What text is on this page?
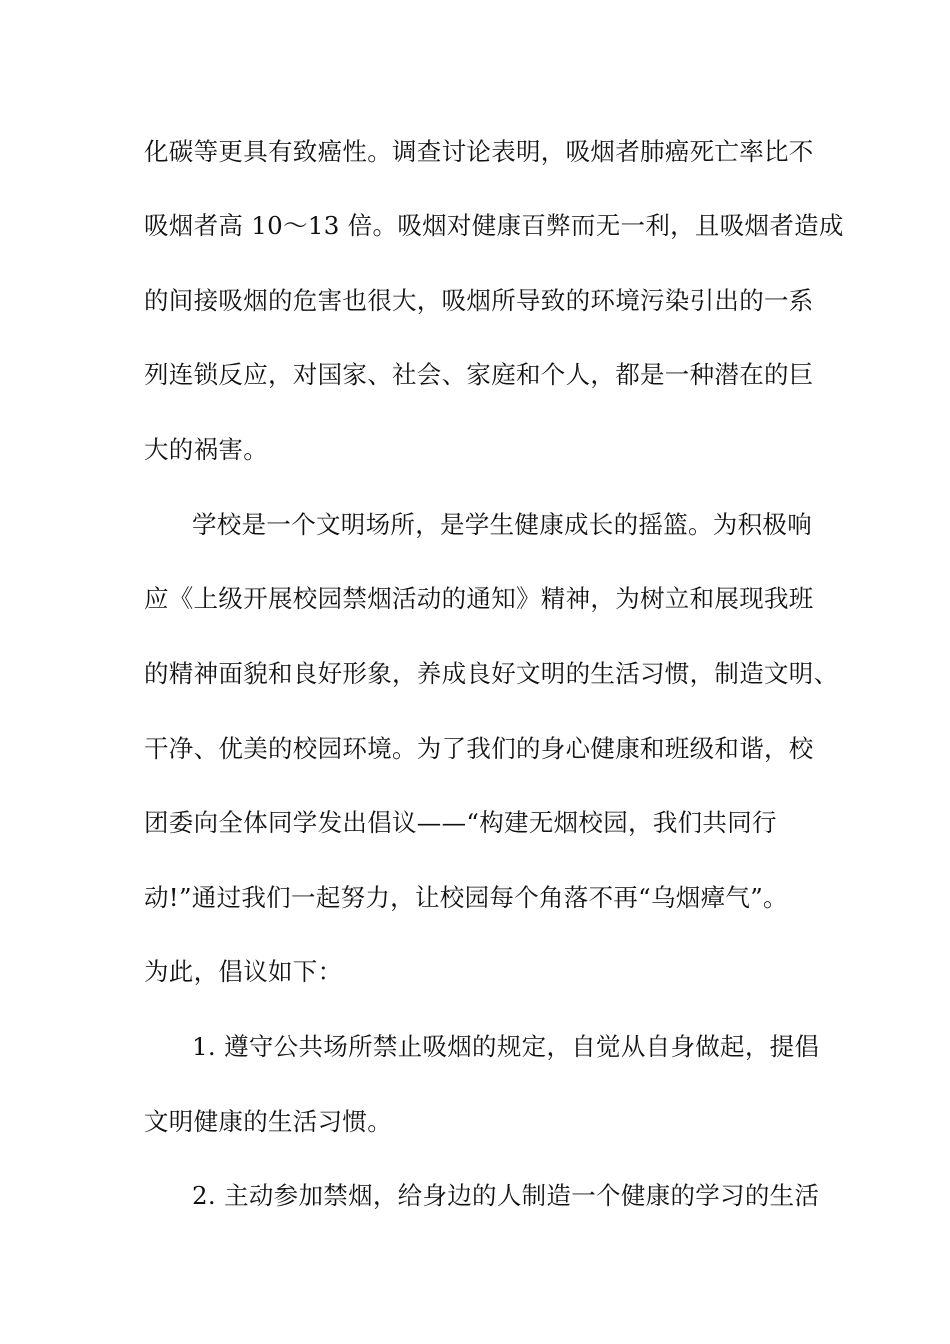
化碳等更具有致癌性。调查讨论表明，吸烟者肺癌死亡率比不
吸烟者高 10～13 倍。吸烟对健康百弊而无一利，且吸烟者造成
的间接吸烟的危害也很大，吸烟所导致的环境污染引出的一系
列连锁反应，对国家、社会、家庭和个人，都是一种潜在的巨
大的祸害。
学校是一个文明场所，是学生健康成长的摇篮。为积极响
应《上级开展校园禁烟活动的通知》精神，为树立和展现我班
的精神面貌和良好形象，养成良好文明的生活习惯，制造文明、
干净、优美的校园环境。为了我们的身心健康和班级和谐，校
团委向全体同学发出倡议——“构建无烟校园，我们共同行
动!”通过我们一起努力，让校园每个角落不再“乌烟瘴气”。
为此，倡议如下：
1. 遵守公共场所禁止吸烟的规定，自觉从自身做起，提倡
文明健康的生活习惯。
2. 主动参加禁烟，给身边的人制造一个健康的学习的生活
